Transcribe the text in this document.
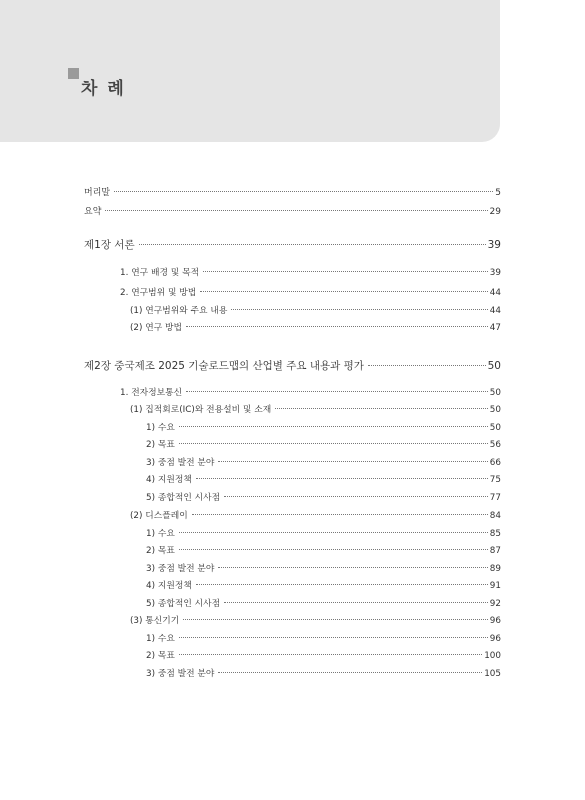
차 례
머리말	5
요약	29
제1장 서론	39
1. 연구 배경 및 목적	39
2. 연구범위 및 방법	44
(1) 연구범위와 주요 내용	44
(2) 연구 방법	47
제2장 중국제조 2025 기술로드맵의 산업별 주요 내용과 평가	50
1. 전자정보통신	50
(1) 집적회로(IC)와 전용설비 및 소재	50
1) 수요	50
2) 목표	56
3) 중점 발전 분야	66
4) 지원정책	75
5) 종합적인 시사점	77
(2) 디스플레이	84
1) 수요	85
2) 목표	87
3) 중점 발전 분야	89
4) 지원정책	91
5) 종합적인 시사점	92
(3) 통신기기	96
1) 수요	96
2) 목표	100
3) 중점 발전 분야	105
